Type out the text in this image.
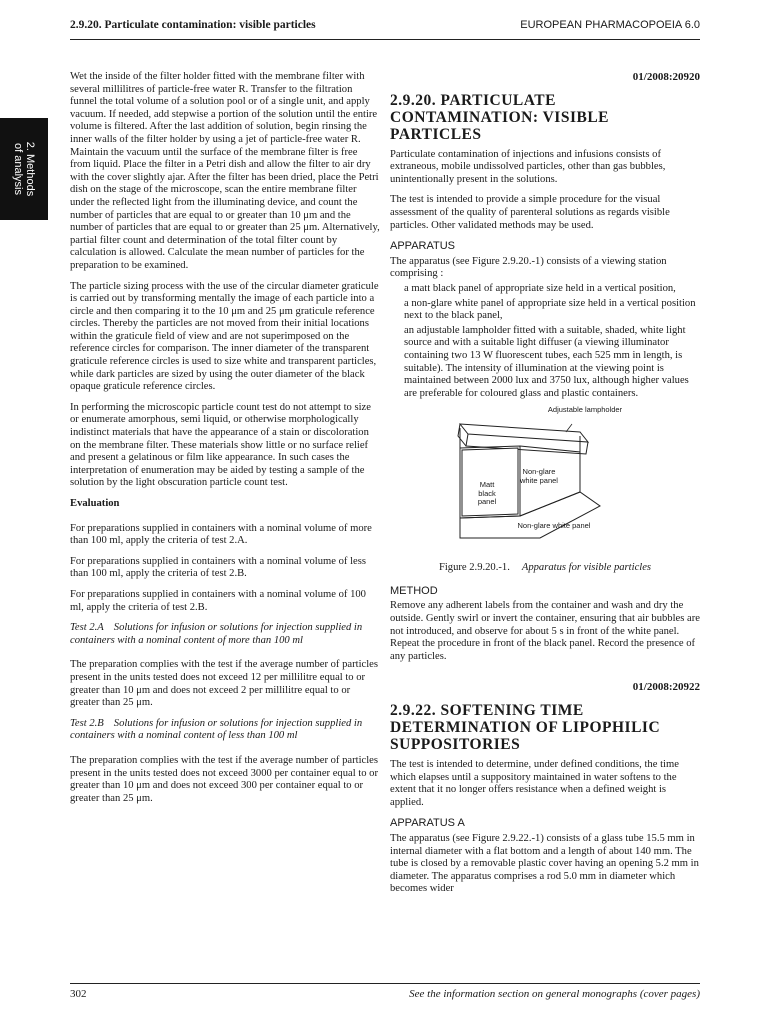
2.9.20. Particulate contamination: visible particles	EUROPEAN PHARMACOPOEIA 6.0
2. Methods
of analysis

Wet the inside of the filter holder fitted with the membrane filter with several millilitres of particle-free water R. Transfer to the filtration funnel the total volume of a solution pool or of a single unit, and apply vacuum. If needed, add stepwise a portion of the solution until the entire volume is filtered. After the last addition of solution, begin rinsing the inner walls of the filter holder by using a jet of particle-free water R. Maintain the vacuum until the surface of the membrane filter is free from liquid. Place the filter in a Petri dish and allow the filter to air dry with the cover slightly ajar. After the filter has been dried, place the Petri dish on the stage of the microscope, scan the entire membrane filter under the reflected light from the illuminating device, and count the number of particles that are equal to or greater than 10 μm and the number of particles that are equal to or greater than 25 μm. Alternatively, partial filter count and determination of the total filter count by calculation is allowed. Calculate the mean number of particles for the preparation to be examined.

The particle sizing process with the use of the circular diameter graticule is carried out by transforming mentally the image of each particle into a circle and then comparing it to the 10 μm and 25 μm graticule reference circles. Thereby the particles are not moved from their initial locations within the graticule field of view and are not superimposed on the reference circles for comparison. The inner diameter of the transparent graticule reference circles is used to size white and transparent particles, while dark particles are sized by using the outer diameter of the black opaque graticule reference circles.

In performing the microscopic particle count test do not attempt to size or enumerate amorphous, semi liquid, or otherwise morphologically indistinct materials that have the appearance of a stain or discoloration on the membrane filter. These materials show little or no surface relief and present a gelatinous or film like appearance. In such cases the interpretation of enumeration may be aided by testing a sample of the solution by the light obscuration particle count test.

Evaluation

For preparations supplied in containers with a nominal volume of more than 100 ml, apply the criteria of test 2.A.

For preparations supplied in containers with a nominal volume of less than 100 ml, apply the criteria of test 2.B.

For preparations supplied in containers with a nominal volume of 100 ml, apply the criteria of test 2.B.

Test 2.A Solutions for infusion or solutions for injection supplied in containers with a nominal content of more than 100 ml

The preparation complies with the test if the average number of particles present in the units tested does not exceed 12 per millilitre equal to or greater than 10 μm and does not exceed 2 per millilitre equal to or greater than 25 μm.

Test 2.B Solutions for infusion or solutions for injection supplied in containers with a nominal content of less than 100 ml

The preparation complies with the test if the average number of particles present in the units tested does not exceed 3000 per container equal to or greater than 10 μm and does not exceed 300 per container equal to or greater than 25 μm.

01/2008:20920
2.9.20. PARTICULATE CONTAMINATION: VISIBLE PARTICLES

Particulate contamination of injections and infusions consists of extraneous, mobile undissolved particles, other than gas bubbles, unintentionally present in the solutions.

The test is intended to provide a simple procedure for the visual assessment of the quality of parenteral solutions as regards visible particles. Other validated methods may be used.

APPARATUS

The apparatus (see Figure 2.9.20.-1) consists of a viewing station comprising :

a matt black panel of appropriate size held in a vertical position,
a non-glare white panel of appropriate size held in a vertical position next to the black panel,
an adjustable lampholder fitted with a suitable, shaded, white light source and with a suitable light diffuser (a viewing illuminator containing two 13 W fluorescent tubes, each 525 mm in length, is suitable). The intensity of illumination at the viewing point is maintained between 2000 lux and 3750 lux, although higher values are preferable for coloured glass and plastic containers.
Adjustable lampholder
Matt black panel
Non-glare white panel
Non-glare white panel
Figure 2.9.20.-1. Apparatus for visible particles
METHOD

Remove any adherent labels from the container and wash and dry the outside. Gently swirl or invert the container, ensuring that air bubbles are not introduced, and observe for about 5 s in front of the white panel. Repeat the procedure in front of the black panel. Record the presence of any particles.

01/2008:20922
2.9.22. SOFTENING TIME DETERMINATION OF LIPOPHILIC SUPPOSITORIES

The test is intended to determine, under defined conditions, the time which elapses until a suppository maintained in water softens to the extent that it no longer offers resistance when a defined weight is applied.

APPARATUS A

The apparatus (see Figure 2.9.22.-1) consists of a glass tube 15.5 mm in internal diameter with a flat bottom and a length of about 140 mm. The tube is closed by a removable plastic cover having an opening 5.2 mm in diameter. The apparatus comprises a rod 5.0 mm in diameter which becomes wider

302	See the information section on general monographs (cover pages)
